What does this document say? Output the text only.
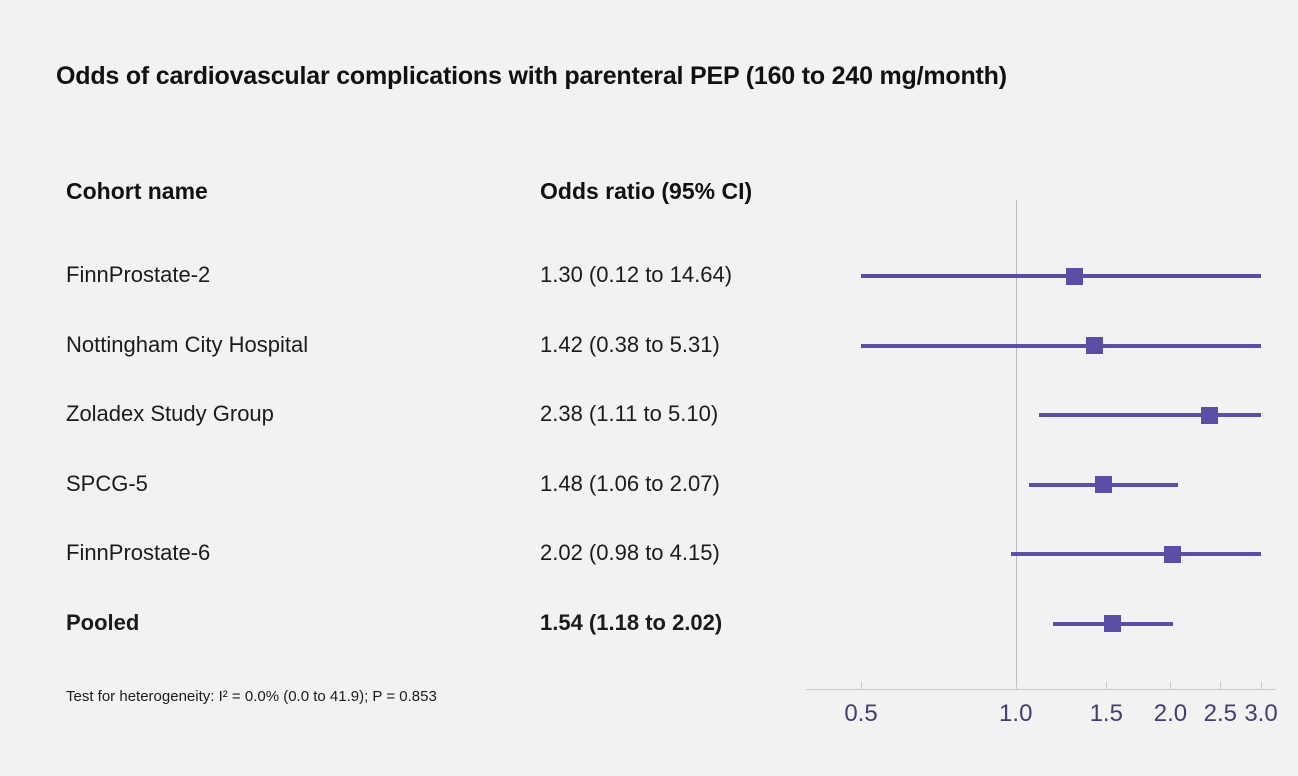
Odds of cardiovascular complications with parenteral PEP (160 to 240 mg/month)
Cohort name	Odds ratio (95% CI)
FinnProstate-2	1.30 (0.12 to 14.64)
Nottingham City Hospital	1.42 (0.38 to 5.31)
Zoladex Study Group	2.38 (1.11 to 5.10)
SPCG-5	1.48 (1.06 to 2.07)
FinnProstate-6	2.02 (0.98 to 4.15)
Pooled	1.54 (1.18 to 2.02)
Test for heterogeneity: I² = 0.0% (0.0 to 41.9); P = 0.853
0.5	1.0 1.5 2.0 2.5 3.0
